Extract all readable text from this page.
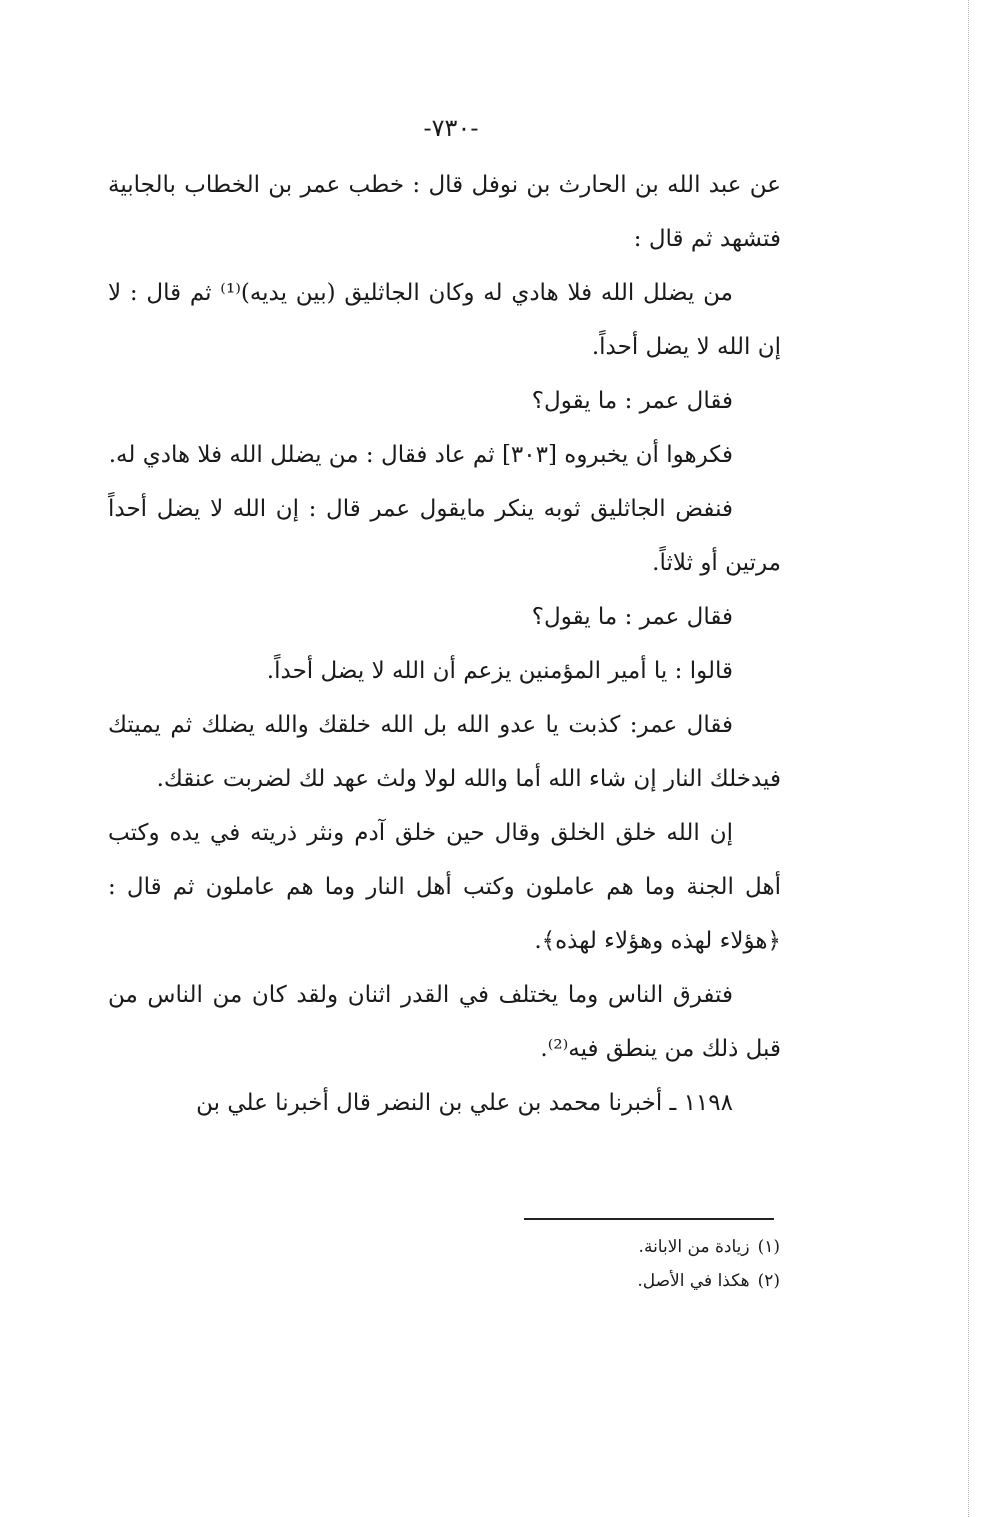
-٧٣٠-

عن عبد الله بن الحارث بن نوفل قال : خطب عمر بن الخطاب بالجابية فتشهد ثم قال :

من يضلل الله فلا هادي له وكان الجاثليق (بين يديه)⁽¹⁾ ثم قال : لا إن الله لا يضل أحداً.

فقال عمر : ما يقول؟

فكرهوا أن يخبروه [٣٠٣] ثم عاد فقال : من يضلل الله فلا هادي له.

فنفض الجاثليق ثوبه ينكر مايقول عمر قال : إن الله لا يضل أحداً مرتين أو ثلاثاً.

فقال عمر : ما يقول؟

قالوا : يا أمير المؤمنين يزعم أن الله لا يضل أحداً.

فقال عمر: كذبت يا عدو الله بل الله خلقك والله يضلك ثم يميتك فيدخلك النار إن شاء الله أما والله لولا ولث عهد لك لضربت عنقك.

إن الله خلق الخلق وقال حين خلق آدم ونثر ذريته في يده وكتب أهل الجنة وما هم عاملون وكتب أهل النار وما هم عاملون ثم قال : ﴿هؤلاء لهذه وهؤلاء لهذه﴾.

فتفرق الناس وما يختلف في القدر اثنان ولقد كان من الناس من قبل ذلك من ينطق فيه⁽²⁾.

١١٩٨ ـ أخبرنا محمد بن علي بن النضر قال أخبرنا علي بن

(١)زيادة من الابانة.

(٢)هكذا في الأصل.
